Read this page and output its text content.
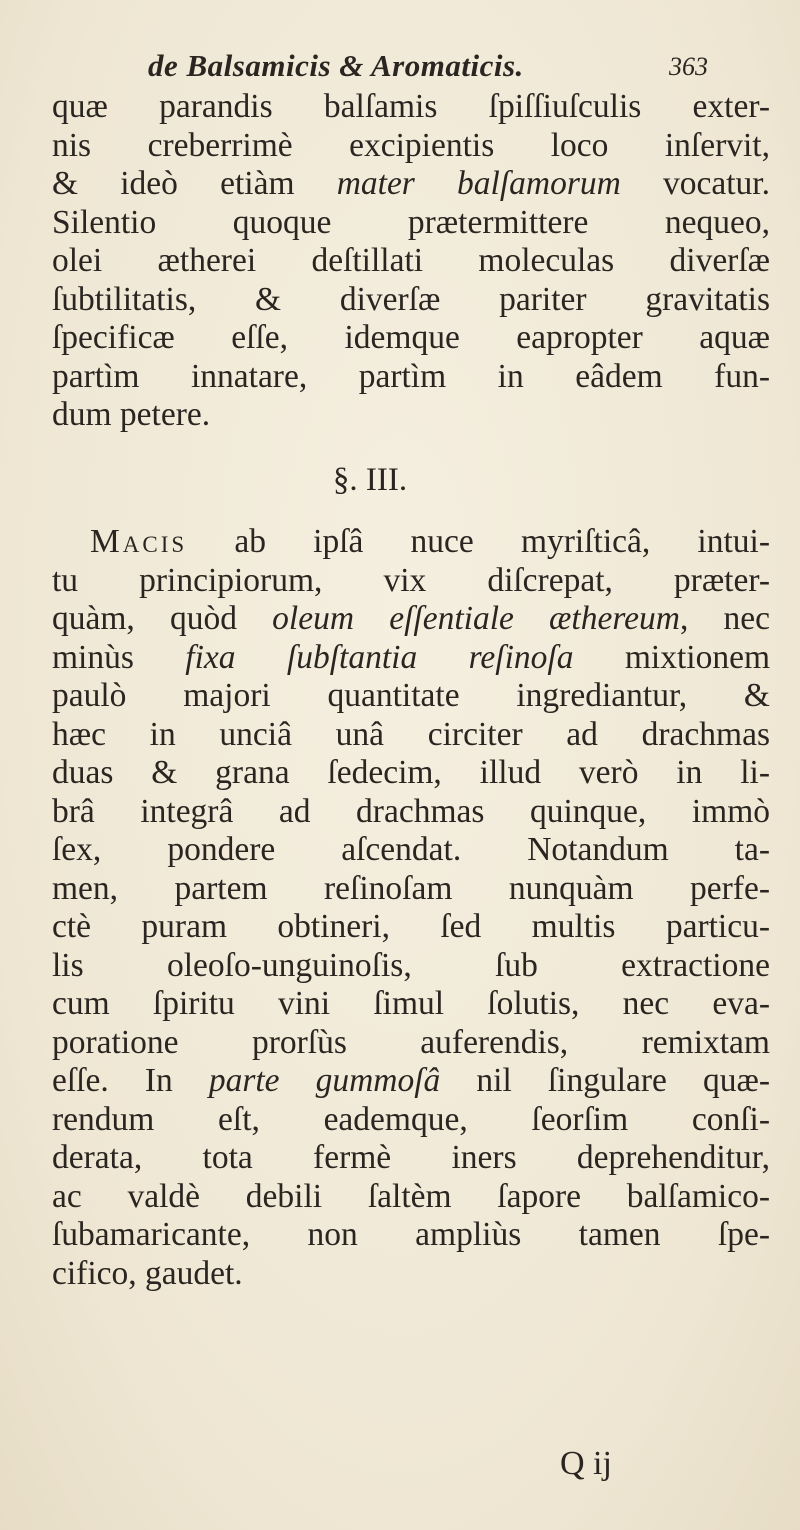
de Balsamicis & Aromaticis.	363
quæ parandis balſamis ſpiſſiuſculis exter-
nis creberrimè excipientis loco inſervit,
& ideò etiàm mater balſamorum vocatur.
Silentio quoque prætermittere nequeo,
olei ætherei deſtillati moleculas diverſæ
ſubtilitatis, & diverſæ pariter gravitatis
ſpecificæ eſſe, idemque eapropter aquæ
partìm innatare, partìm in eâdem fun-
dum petere.
§. III.
Macis ab ipſâ nuce myriſticâ, intui-
tu principiorum, vix diſcrepat, præter-
quàm, quòd oleum eſſentiale æthereum, nec
minùs fixa ſubſtantia reſinoſa mixtionem
paulò majori quantitate ingrediantur, &
hæc in unciâ unâ circiter ad drachmas
duas & grana ſedecim, illud verò in li-
brâ integrâ ad drachmas quinque, immò
ſex, pondere aſcendat. Notandum ta-
men, partem reſinoſam nunquàm perfe-
ctè puram obtineri, ſed multis particu-
lis oleoſo-unguinoſis, ſub extractione
cum ſpiritu vini ſimul ſolutis, nec eva-
poratione prorſùs auferendis, remixtam
eſſe. In parte gummoſâ nil ſingulare quæ-
rendum eſt, eademque, ſeorſim conſi-
derata, tota fermè iners deprehenditur,
ac valdè debili ſaltèm ſapore balſamico-
ſubamaricante, non ampliùs tamen ſpe-
cifico, gaudet.
Q ij
